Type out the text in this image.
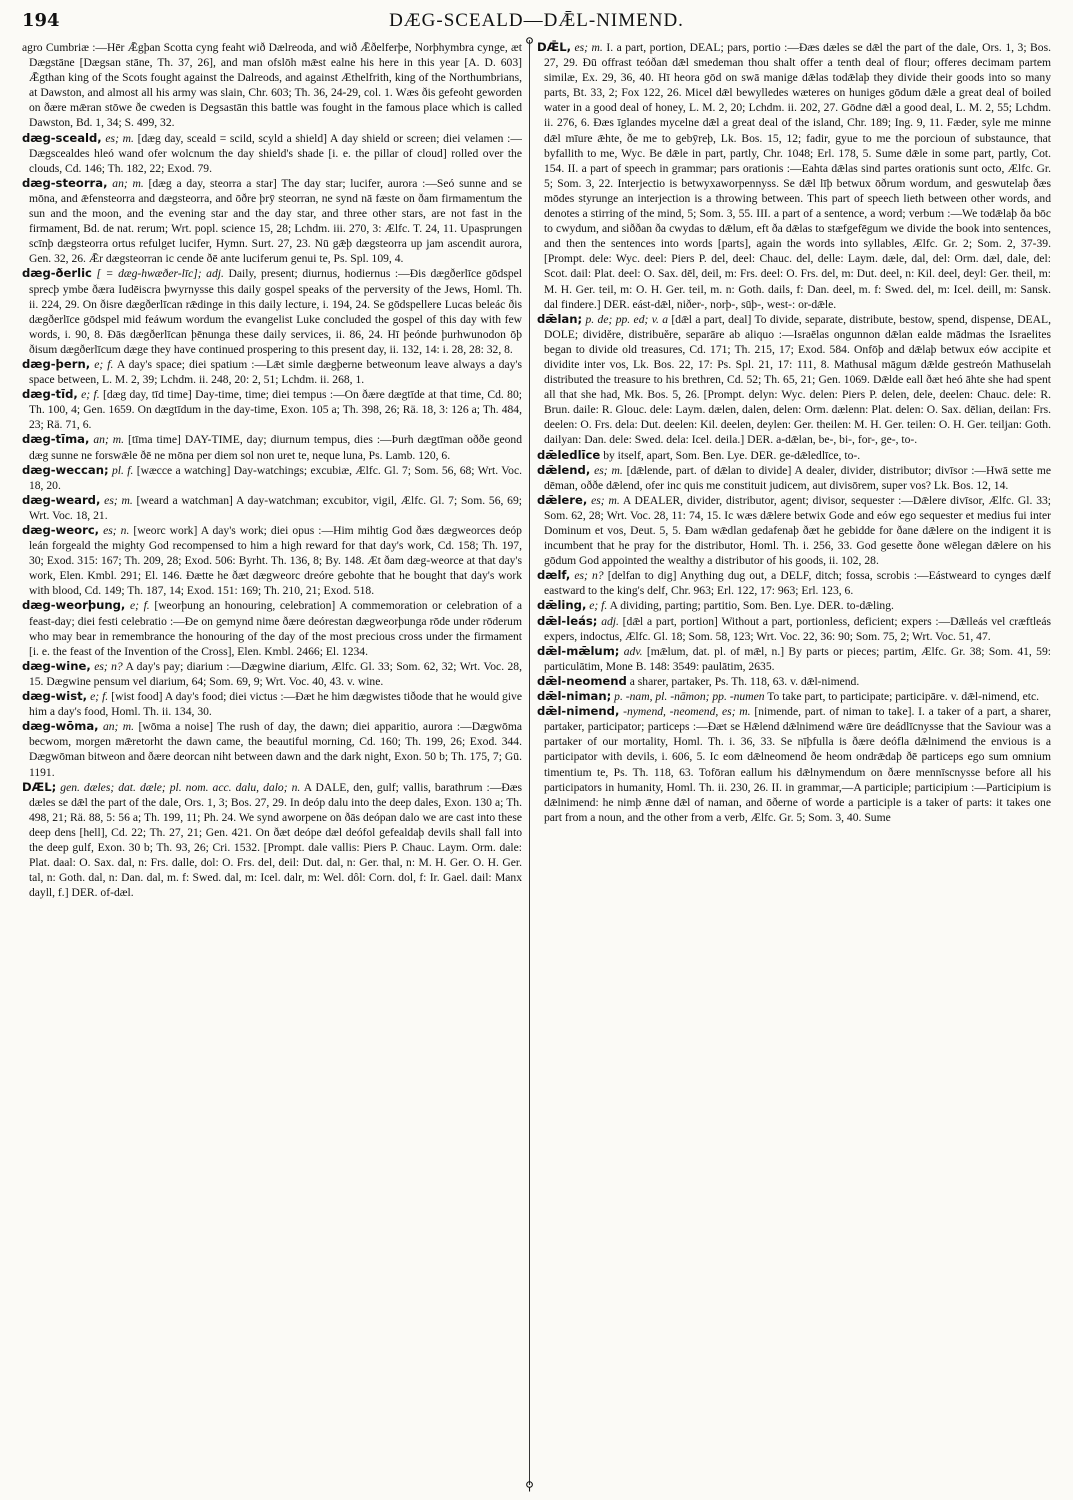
194	DÆG-SCEALD—DǢL-NIMEND.
⚲
⚲

agro Cumbriæ :—Hēr Ǣgþan Scotta cyng feaht wið Dælreoda, and wið Ǣðelferþe, Norþhymbra cynge, æt Dægstāne [Dægsan stāne, Th. 37, 26], and man ofslōh mǣst ealne his here in this year [A. D. 603] Ǣgthan king of the Scots fought against the Dalreods, and against Æthelfrith, king of the Northumbrians, at Dawston, and almost all his army was slain, Chr. 603; Th. 36, 24-29, col. 1. Wæs ðis gefeoht geworden on ðære mǣran stōwe ðe cweden is Degsastān this battle was fought in the famous place which is called Dawston, Bd. 1, 34; S. 499, 32.

dæg-sceald, es; m. [dæg day, sceald = scild, scyld a shield] A day shield or screen; diei velamen :—Dægscealdes hleó wand ofer wolcnum the day shield's shade [i. e. the pillar of cloud] rolled over the clouds, Cd. 146; Th. 182, 22; Exod. 79.

dæg-steorra, an; m. [dæg a day, steorra a star] The day star; lucifer, aurora :—Seó sunne and se mōna, and ǣfensteorra and dægsteorra, and ōðre þrȳ steorran, ne synd nā fæste on ðam firmamentum the sun and the moon, and the evening star and the day star, and three other stars, are not fast in the firmament, Bd. de nat. rerum; Wrt. popl. science 15, 28; Lchdm. iii. 270, 3: Ælfc. T. 24, 11. Upasprungen scīnþ dægsteorra ortus refulget lucifer, Hymn. Surt. 27, 23. Nū gǣþ dægsteorra up jam ascendit aurora, Gen. 32, 26. Ǣr dægsteorran ic cende ðē ante luciferum genui te, Ps. Spl. 109, 4.

dæg-ðerlic [ = dæg-hwæðer-līc]; adj. Daily, present; diurnus, hodiernus :—Ðis dægðerlīce gōdspel sprecþ ymbe ðæra Iudēiscra þwyrnysse this daily gospel speaks of the perversity of the Jews, Homl. Th. ii. 224, 29. On ðisre dægðerlīcan rǣdinge in this daily lecture, i. 194, 24. Se gōdspellere Lucas beleác ðis dægðerlīce gōdspel mid feáwum wordum the evangelist Luke concluded the gospel of this day with few words, i. 90, 8. Ðās dægðerlīcan þēnunga these daily services, ii. 86, 24. Hī þeónde þurhwunodon ōþ ðisum dægðerlīcum dæge they have continued prospering to this present day, ii. 132, 14: i. 28, 28: 32, 8.

dæg-þern, e; f. A day's space; diei spatium :—Lǣt simle dægþerne betweonum leave always a day's space between, L. M. 2, 39; Lchdm. ii. 248, 20: 2, 51; Lchdm. ii. 268, 1.

dæg-tīd, e; f. [dæg day, tīd time] Day-time, time; diei tempus :—On ðære dægtīde at that time, Cd. 80; Th. 100, 4; Gen. 1659. On dægtīdum in the day-time, Exon. 105 a; Th. 398, 26; Rä. 18, 3: 126 a; Th. 484, 23; Rä. 71, 6.

dæg-tīma, an; m. [tīma time] DAY-TIME, day; diurnum tempus, dies :—Þurh dægtīman oððe geond dæg sunne ne forswǣle ðē ne mōna per diem sol non uret te, neque luna, Ps. Lamb. 120, 6.

dæg-weccan; pl. f. [wæcce a watching] Day-watchings; excubiæ, Ælfc. Gl. 7; Som. 56, 68; Wrt. Voc. 18, 20.

dæg-weard, es; m. [weard a watchman] A day-watchman; excubitor, vigil, Ælfc. Gl. 7; Som. 56, 69; Wrt. Voc. 18, 21.

dæg-weorc, es; n. [weorc work] A day's work; diei opus :—Him mihtig God ðæs dægweorces deóp leán forgeald the mighty God recompensed to him a high reward for that day's work, Cd. 158; Th. 197, 30; Exod. 315: 167; Th. 209, 28; Exod. 506: Byrht. Th. 136, 8; By. 148. Æt ðam dæg-weorce at that day's work, Elen. Kmbl. 291; El. 146. Ðætte he ðæt dægweorc dreóre gebohte that he bought that day's work with blood, Cd. 149; Th. 187, 14; Exod. 151: 169; Th. 210, 21; Exod. 518.

dæg-weorþung, e; f. [weorþung an honouring, celebration] A commemoration or celebration of a feast-day; diei festi celebratio :—Ðe on gemynd nime ðære deórestan dægweorþunga rōde under rōderum who may bear in remembrance the honouring of the day of the most precious cross under the firmament [i. e. the feast of the Invention of the Cross], Elen. Kmbl. 2466; El. 1234.

dæg-wine, es; n? A day's pay; diarium :—Dægwine diarium, Ælfc. Gl. 33; Som. 62, 32; Wrt. Voc. 28, 15. Dægwine pensum vel diarium, 64; Som. 69, 9; Wrt. Voc. 40, 43. v. wine.

dæg-wist, e; f. [wist food] A day's food; diei victus :—Ðæt he him dægwistes tiðode that he would give him a day's food, Homl. Th. ii. 134, 30.

dæg-wōma, an; m. [wōma a noise] The rush of day, the dawn; diei apparitio, aurora :—Dægwōma becwom, morgen mǣretorht the dawn came, the beautiful morning, Cd. 160; Th. 199, 26; Exod. 344. Dægwōman bitweon and ðære deorcan niht between dawn and the dark night, Exon. 50 b; Th. 175, 7; Gū. 1191.

DÆL; gen. dæles; dat. dæle; pl. nom. acc. dalu, dalo; n. A DALE, den, gulf; vallis, barathrum :—Ðæs dæles se dǣl the part of the dale, Ors. 1, 3; Bos. 27, 29. In deóp dalu into the deep dales, Exon. 130 a; Th. 498, 21; Rä. 88, 5: 56 a; Th. 199, 11; Ph. 24. We synd aworpene on ðās deópan dalo we are cast into these deep dens [hell], Cd. 22; Th. 27, 21; Gen. 421. On ðæt deópe dæl deófol gefealdaþ devils shall fall into the deep gulf, Exon. 30 b; Th. 93, 26; Cri. 1532. [Prompt. dale vallis: Piers P. Chauc. Laym. Orm. dale: Plat. daal: O. Sax. dal, n: Frs. dalle, dol: O. Frs. del, deil: Dut. dal, n: Ger. thal, n: M. H. Ger. O. H. Ger. tal, n: Goth. dal, n: Dan. dal, m. f: Swed. dal, m: Icel. dalr, m: Wel. dôl: Corn. dol, f: Ir. Gael. dail: Manx dayll, f.] DER. of-dæl.

DǢL, es; m. I. a part, portion, DEAL; pars, portio :—Ðæs dæles se dǣl the part of the dale, Ors. 1, 3; Bos. 27, 29. Ðū offrast teóðan dǣl smedeman thou shalt offer a tenth deal of flour; offeres decimam partem similæ, Ex. 29, 36, 40. Hī heora gōd on swā manige dǣlas todǣlaþ they divide their goods into so many parts, Bt. 33, 2; Fox 122, 26. Micel dǣl bewylledes wæteres on huniges gōdum dǣle a great deal of boiled water in a good deal of honey, L. M. 2, 20; Lchdm. ii. 202, 27. Gōdne dǣl a good deal, L. M. 2, 55; Lchdm. ii. 276, 6. Ðæs īglandes mycelne dǣl a great deal of the island, Chr. 189; Ing. 9, 11. Fæder, syle me minne dǣl mīure ǣhte, ðe me to gebȳreþ, Lk. Bos. 15, 12; fadir, gyue to me the porcioun of substaunce, that byfallith to me, Wyc. Be dǣle in part, partly, Chr. 1048; Erl. 178, 5. Sume dǣle in some part, partly, Cot. 154. II. a part of speech in grammar; pars orationis :—Eahta dǣlas sind partes orationis sunt octo, Ælfc. Gr. 5; Som. 3, 22. Interjectio is betwyxaworpennyss. Se dǣl līþ betwux ōðrum wordum, and geswutelaþ ðæs mōdes styrunge an interjection is a throwing between. This part of speech lieth between other words, and denotes a stirring of the mind, 5; Som. 3, 55. III. a part of a sentence, a word; verbum :—We todǣlaþ ða bōc to cwydum, and siððan ða cwydas to dǣlum, eft ða dǣlas to stæfgefēgum we divide the book into sentences, and then the sentences into words [parts], again the words into syllables, Ælfc. Gr. 2; Som. 2, 37-39. [Prompt. dele: Wyc. deel: Piers P. del, deel: Chauc. del, delle: Laym. dæle, dal, del: Orm. dæl, dale, del: Scot. dail: Plat. deel: O. Sax. dēl, deil, m: Frs. deel: O. Frs. del, m: Dut. deel, n: Kil. deel, deyl: Ger. theil, m: M. H. Ger. teil, m: O. H. Ger. teil, m. n: Goth. dails, f: Dan. deel, m. f: Swed. del, m: Icel. deill, m: Sansk. dal findere.] DER. eást-dǣl, niðer-, norþ-, sūþ-, west-: or-dǣle.

dǣlan; p. de; pp. ed; v. a [dǣl a part, deal] To divide, separate, distribute, bestow, spend, dispense, DEAL, DOLE; dividĕre, distribuĕre, separāre ab aliquo :—Israēlas ongunnon dǣlan ealde mādmas the Israelites began to divide old treasures, Cd. 171; Th. 215, 17; Exod. 584. Onfōþ and dǣlaþ betwux eów accipite et dividite inter vos, Lk. Bos. 22, 17: Ps. Spl. 21, 17: 111, 8. Mathusal māgum dǣlde gestreón Mathuselah distributed the treasure to his brethren, Cd. 52; Th. 65, 21; Gen. 1069. Dǣlde eall ðæt heó āhte she had spent all that she had, Mk. Bos. 5, 26. [Prompt. delyn: Wyc. delen: Piers P. delen, dele, deelen: Chauc. dele: R. Brun. daile: R. Glouc. dele: Laym. dælen, dalen, delen: Orm. dælenn: Plat. delen: O. Sax. dēlian, deilan: Frs. deelen: O. Frs. dela: Dut. deelen: Kil. deelen, deylen: Ger. theilen: M. H. Ger. teilen: O. H. Ger. teiljan: Goth. dailyan: Dan. dele: Swed. dela: Icel. deila.] DER. a-dǣlan, be-, bi-, for-, ge-, to-.

dǣledlīce by itself, apart, Som. Ben. Lye. DER. ge-dǣledlīce, to-.

dǣlend, es; m. [dǣlende, part. of dǣlan to divide] A dealer, divider, distributor; divīsor :—Hwā sette me dēman, oððe dǣlend, ofer inc quis me constituit judicem, aut divisōrem, super vos? Lk. Bos. 12, 14.

dǣlere, es; m. A DEALER, divider, distributor, agent; divisor, sequester :—Dǣlere divīsor, Ælfc. Gl. 33; Som. 62, 28; Wrt. Voc. 28, 11: 74, 15. Ic wæs dǣlere betwix Gode and eów ego sequester et medius fui inter Dominum et vos, Deut. 5, 5. Ðam wǣdlan gedafenaþ ðæt he gebidde for ðane dǣlere on the indigent it is incumbent that he pray for the distributor, Homl. Th. i. 256, 33. God gesette ðone wēlegan dǣlere on his gōdum God appointed the wealthy a distributor of his goods, ii. 102, 28.

dælf, es; n? [delfan to dig] Anything dug out, a DELF, ditch; fossa, scrobis :—Eástweard to cynges dælf eastward to the king's delf, Chr. 963; Erl. 122, 17: 963; Erl. 123, 6.

dǣling, e; f. A dividing, parting; partitio, Som. Ben. Lye. DER. to-dǣling.

dǣl-leás; adj. [dǣl a part, portion] Without a part, portionless, deficient; expers :—Dǣlleás vel cræftleás expers, indoctus, Ælfc. Gl. 18; Som. 58, 123; Wrt. Voc. 22, 36: 90; Som. 75, 2; Wrt. Voc. 51, 47.

dǣl-mǣlum; adv. [mǣlum, dat. pl. of mǣl, n.] By parts or pieces; partim, Ælfc. Gr. 38; Som. 41, 59: particulātim, Mone B. 148: 3549: paulātim, 2635.

dǣl-neomend a sharer, partaker, Ps. Th. 118, 63. v. dǣl-nimend.

dǣl-niman; p. -nam, pl. -nāmon; pp. -numen To take part, to participate; participāre. v. dǣl-nimend, etc.

dǣl-nimend, -nymend, -neomend, es; m. [nimende, part. of niman to take]. I. a taker of a part, a sharer, partaker, participator; particeps :—Ðæt se Hǣlend dǣlnimend wǣre ūre deádlīcnysse that the Saviour was a partaker of our mortality, Homl. Th. i. 36, 33. Se nīþfulla is ðære deófla dǣlnimend the envious is a participator with devils, i. 606, 5. Ic eom dǣlneomend ðe heom ondrǣdaþ ðē particeps ego sum omnium timentium te, Ps. Th. 118, 63. Tofōran eallum his dǣlnymendum on ðære mennīscnysse before all his participators in humanity, Homl. Th. ii. 230, 26. II. in grammar,—A participle; participium :—Participium is dǣlnimend: he nimþ ǣnne dǣl of naman, and ōðerne of worde a participle is a taker of parts: it takes one part from a noun, and the other from a verb, Ælfc. Gr. 5; Som. 3, 40. Sume
